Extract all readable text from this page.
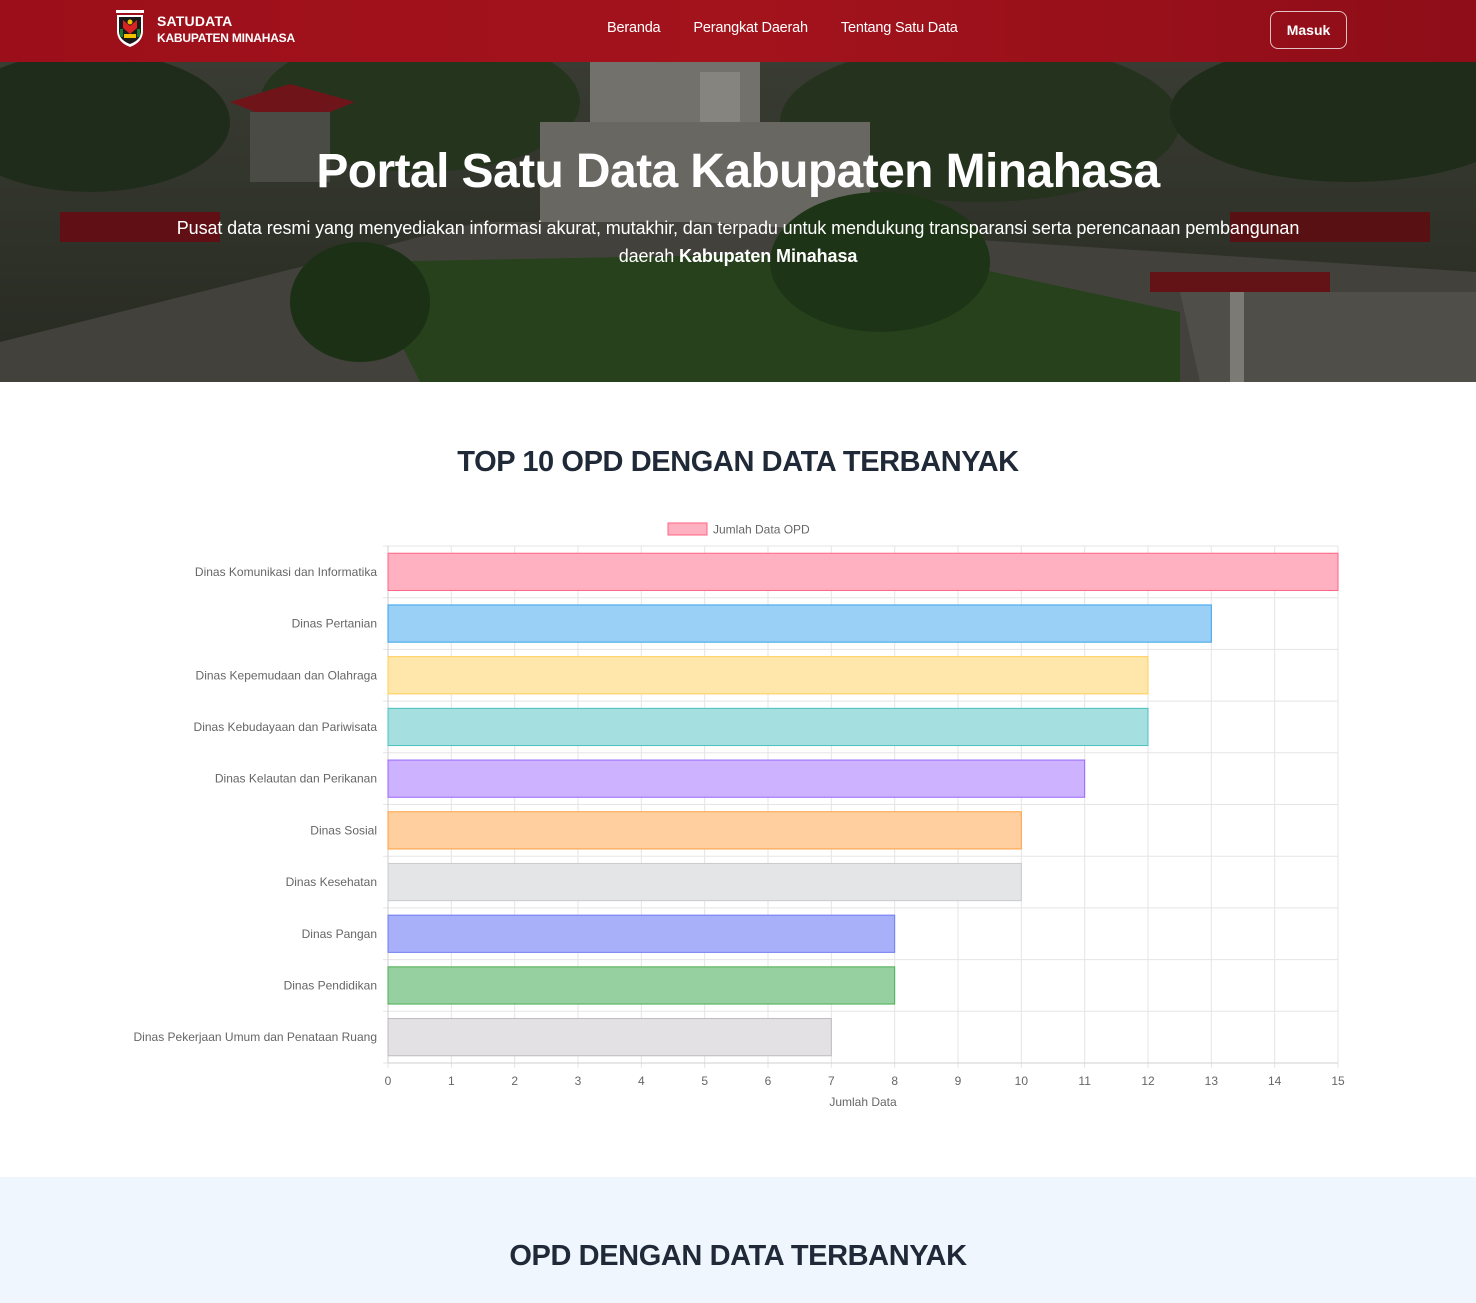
SATUDATA
KABUPATEN MINAHASA
Beranda Perangkat Daerah Tentang Satu Data	Masuk
Portal Satu Data Kabupaten Minahasa

Pusat data resmi yang menyediakan informasi akurat, mutakhir, dan terpadu untuk mendukung transparansi serta perencanaan pembangunan daerah Kabupaten Minahasa

TOP 10 OPD DENGAN DATA TERBANYAK
Dinas Komunikasi dan Informatika
Dinas Pertanian
Dinas Kepemudaan dan Olahraga
Dinas Kebudayaan dan Pariwisata
Dinas Kelautan dan Perikanan
Dinas Sosial
Dinas Kesehatan
Dinas Pangan
Dinas Pendidikan
Dinas Pekerjaan Umum dan Penataan Ruang
0	1	2	3	4	5	6	7	8	9	10	11	12	13	14	15
Jumlah Data
Jumlah Data OPD
OPD DENGAN DATA TERBANYAK
